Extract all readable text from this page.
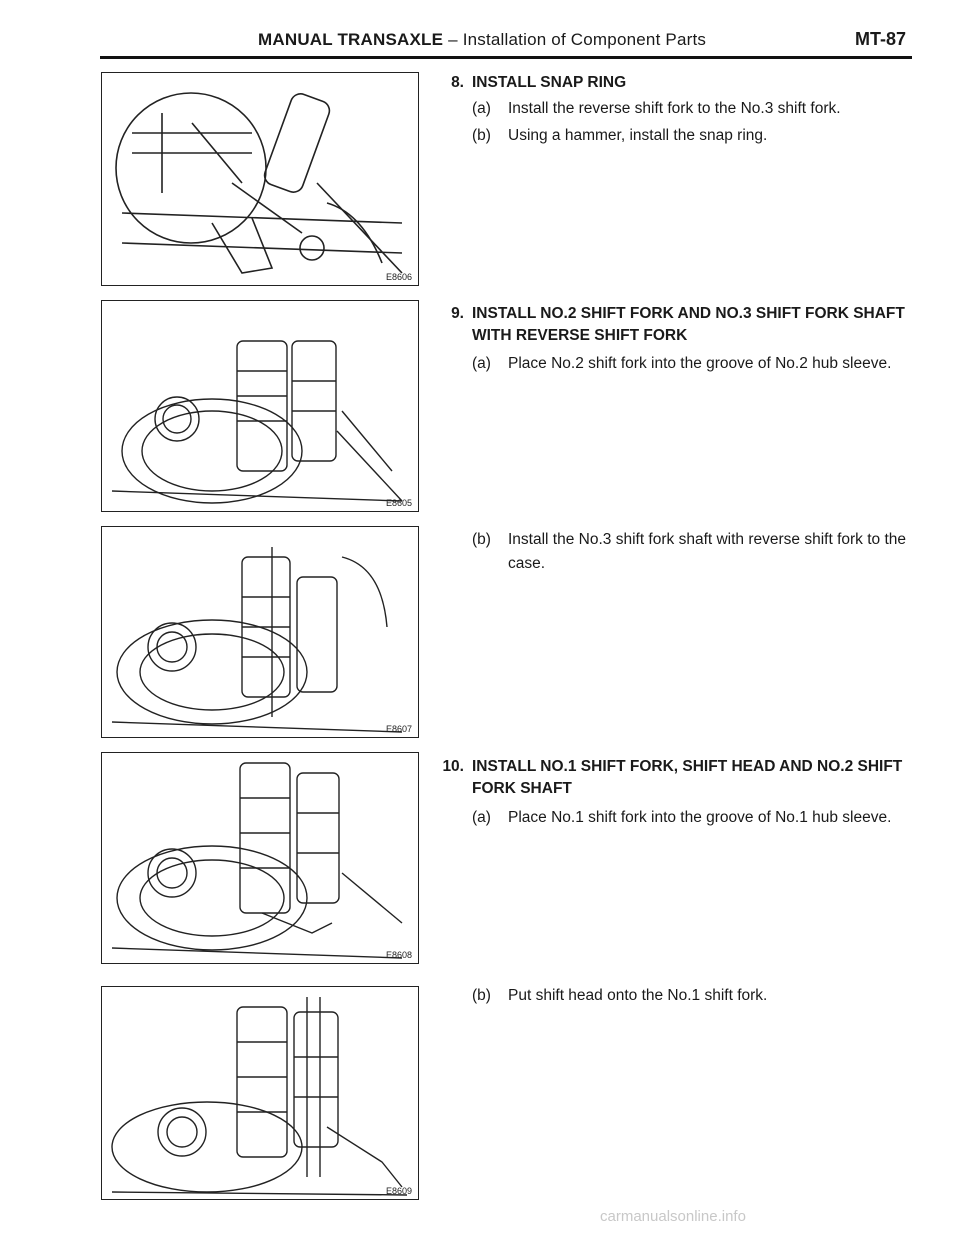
MANUAL TRANSAXLE – Installation of Component Parts	MT-87
E8606
E8605
E8607
E8608
E8609
8. INSTALL SNAP RING
(a) Install the reverse shift fork to the No.3 shift fork.
(b) Using a hammer, install the snap ring.
9. INSTALL NO.2 SHIFT FORK AND NO.3 SHIFT FORK SHAFT WITH REVERSE SHIFT FORK
(a) Place No.2 shift fork into the groove of No.2 hub sleeve.
(b) Install the No.3 shift fork shaft with reverse shift fork to the case.
10. INSTALL NO.1 SHIFT FORK, SHIFT HEAD AND NO.2 SHIFT FORK SHAFT
(a) Place No.1 shift fork into the groove of No.1 hub sleeve.
(b) Put shift head onto the No.1 shift fork.
carmanualsonline.info
